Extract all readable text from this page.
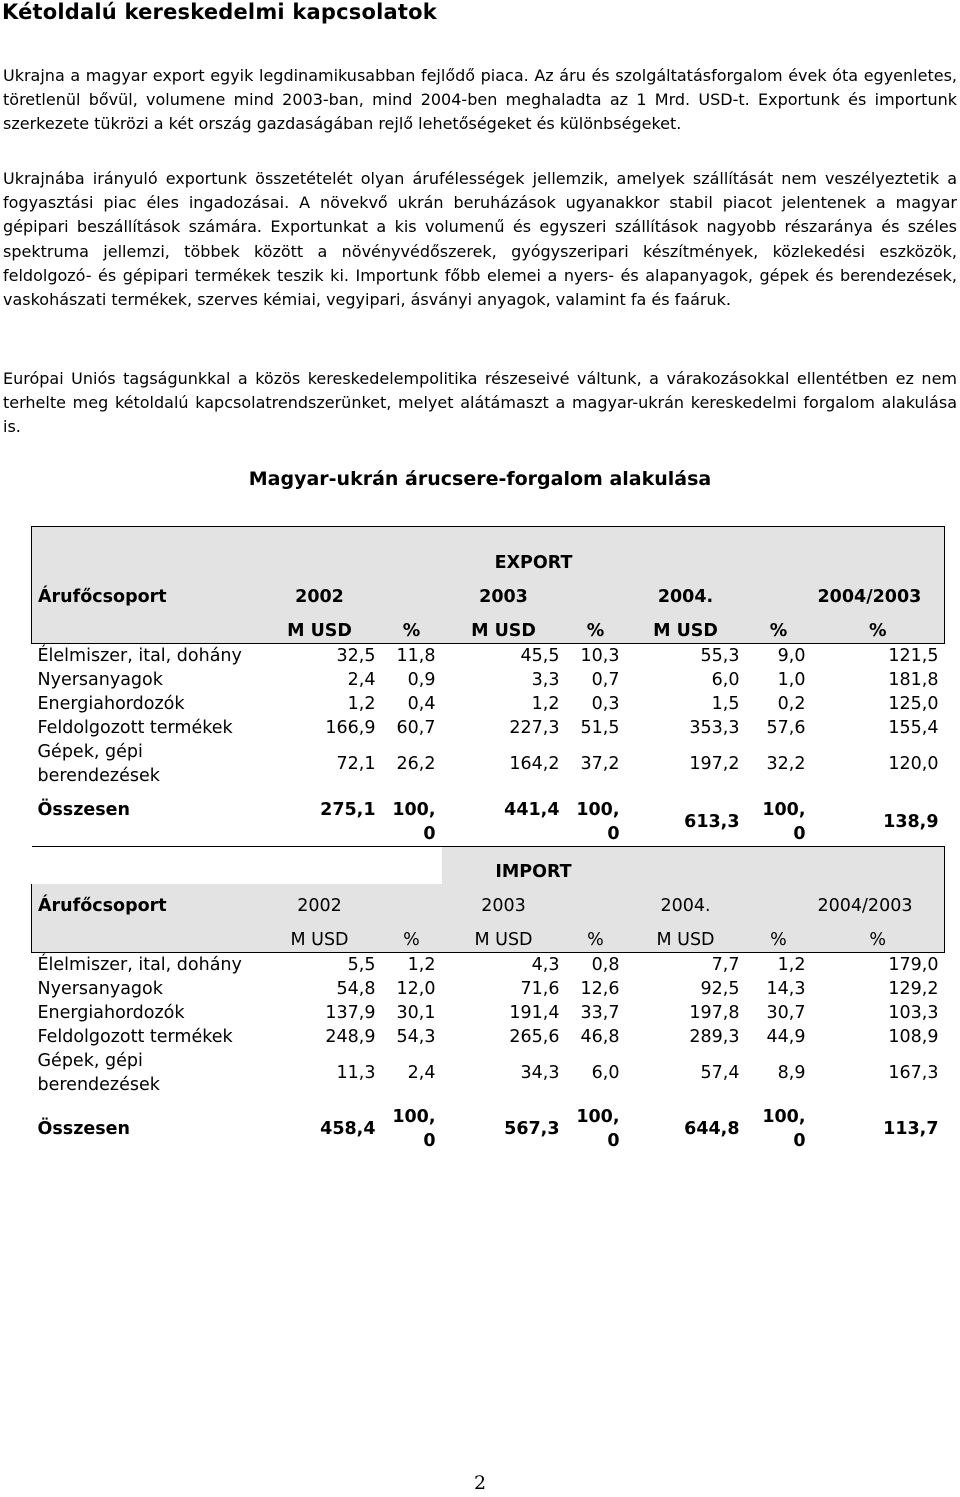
Kétoldalú kereskedelmi kapcsolatok

Ukrajna a magyar export egyik legdinamikusabban fejlődő piaca. Az áru és szolgáltatásforgalom évek óta egyenletes, töretlenül bővül, volumene mind 2003-ban, mind 2004-ben meghaladta az 1 Mrd. USD-t. Exportunk és importunk szerkezete tükrözi a két ország gazdaságában rejlő lehetőségeket és különbségeket.

Ukrajnába irányuló exportunk összetételét olyan árufélességek jellemzik, amelyek szállítását nem veszélyeztetik a fogyasztási piac éles ingadozásai. A növekvő ukrán beruházások ugyanakkor stabil piacot jelentenek a magyar gépipari beszállítások számára. Exportunkat a kis volumenű és egyszeri szállítások nagyobb részaránya és széles spektruma jellemzi, többek között a növényvédőszerek, gyógyszeripari készítmények, közlekedési eszközök, feldolgozó- és gépipari termékek teszik ki. Importunk főbb elemei a nyers- és alapanyagok, gépek és berendezések, vaskohászati termékek, szerves kémiai, vegyipari, ásványi anyagok, valamint fa és faáruk.

Európai Uniós tagságunkkal a közös kereskedelempolitika részeseivé váltunk, a várakozásokkal ellentétben ez nem terhelte meg kétoldalú kapcsolatrendszerünket, melyet alátámaszt a magyar-ukrán kereskedelmi forgalom alakulása is.

Magyar-ukrán árucsere-forgalom alakulása
			EXPORT				
Árufőcsoport	2002		2003		2004.		2004/2003
	M USD	%	M USD	%	M USD	%	%
Élelmiszer, ital, dohány	32,5	11,8	45,5	10,3	55,3	9,0	121,5
Nyersanyagok	2,4	0,9	3,3	0,7	6,0	1,0	181,8
Energiahordozók	1,2	0,4	1,2	0,3	1,5	0,2	125,0
Feldolgozott termékek	166,9	60,7	227,3	51,5	353,3	57,6	155,4
Gépek, gépi berendezések	72,1	26,2	164,2	37,2	197,2	32,2	120,0
Összesen	275,1	100,0	441,4	100,0	613,3	100,0	138,9
			IMPORT				
Árufőcsoport	2002		2003		2004.		2004/2003
	M USD	%	M USD	%	M USD	%	%
Élelmiszer, ital, dohány	5,5	1,2	4,3	0,8	7,7	1,2	179,0
Nyersanyagok	54,8	12,0	71,6	12,6	92,5	14,3	129,2
Energiahordozók	137,9	30,1	191,4	33,7	197,8	30,7	103,3
Feldolgozott termékek	248,9	54,3	265,6	46,8	289,3	44,9	108,9
Gépek, gépi berendezések	11,3	2,4	34,3	6,0	57,4	8,9	167,3
Összesen	458,4	100,0	567,3	100,0	644,8	100,0	113,7
2
